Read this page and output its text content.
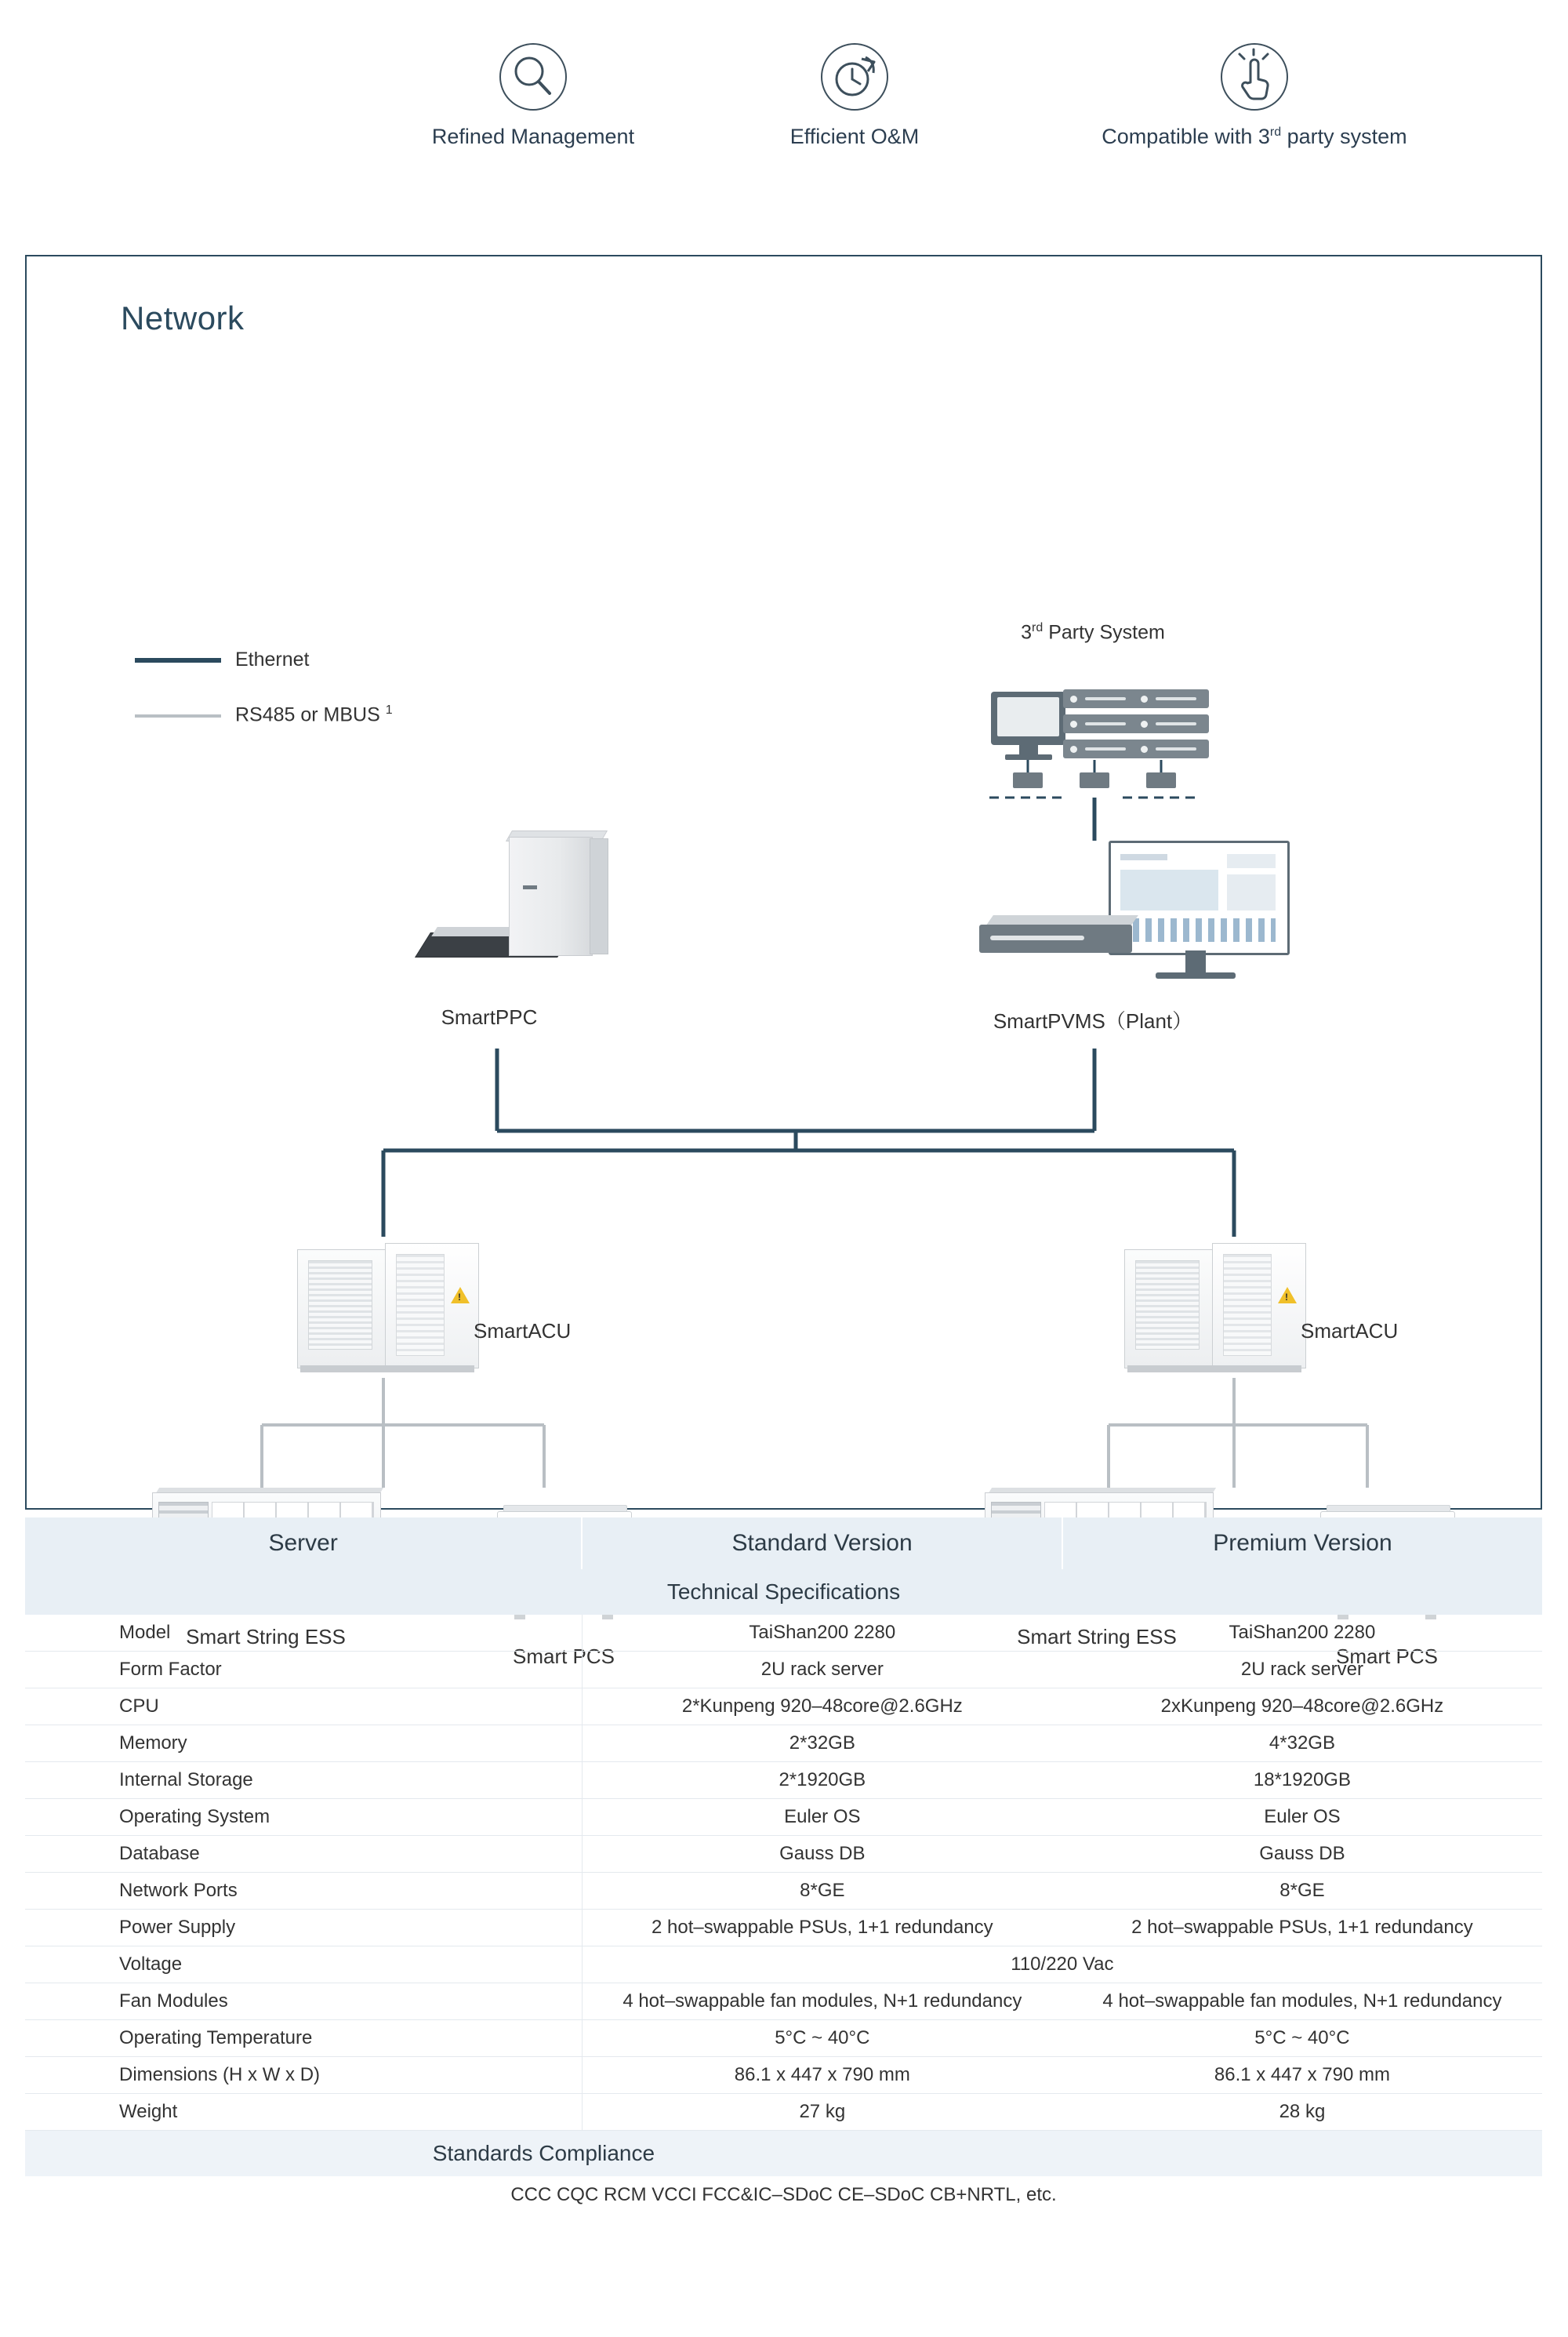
Refined Management	Efficient O&M	Compatible with 3rd party system
Network
Ethernet
RS485 or MBUS $^1$
!
!
3rd Party System
SmartPPC	SmartPVMS（Plant）
SmartACU	SmartACU
Smart String ESS
Smart PCS
Smart String ESS
Smart PCS
Server	Standard Version	Premium Version
Technical Specifications		
Model	TaiShan200 2280	TaiShan200 2280
Form Factor	2U rack server	2U rack server
CPU	2*Kunpeng 920–48core@2.6GHz	2xKunpeng 920–48core@2.6GHz
Memory	2*32GB	4*32GB
Internal Storage	2*1920GB	18*1920GB
Operating System	Euler OS	Euler OS
Database	Gauss DB	Gauss DB
Network Ports	8*GE	8*GE
Power Supply	2 hot–swappable PSUs, 1+1 redundancy	2 hot–swappable PSUs, 1+1 redundancy
Voltage	110/220 Vac	
Fan Modules	4 hot–swappable fan modules, N+1 redundancy	4 hot–swappable fan modules, N+1 redundancy
Operating Temperature	5°C ~ 40°C	5°C ~ 40°C
Dimensions (H x W x D)	86.1 x 447 x 790 mm	86.1 x 447 x 790 mm
Weight	27 kg	28 kg
Standards Compliance		
CCC CQC RCM VCCI FCC&IC–SDoC CE–SDoC CB+NRTL, etc.		
